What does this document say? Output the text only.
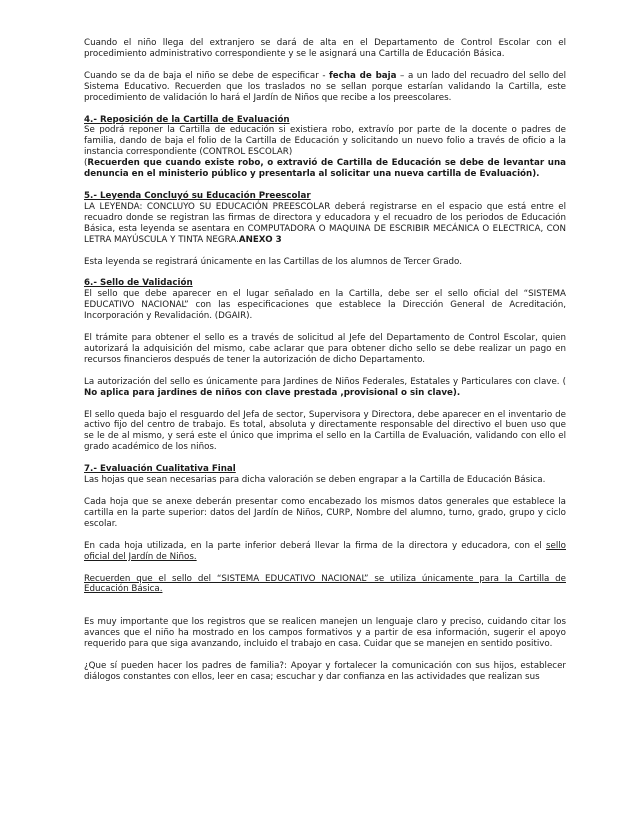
Cuando el niño llega del extranjero se dará de alta en el Departamento de Control Escolar con el procedimiento administrativo correspondiente y se le asignará una Cartilla de Educación Básica.

Cuando se da de baja el niño se debe de especificar - fecha de baja – a un lado del recuadro del sello del Sistema Educativo. Recuerden que los traslados no se sellan porque estarían validando la Cartilla, este procedimiento de validación lo hará el Jardín de Niños que recibe a los preescolares.

4.- Reposición de la Cartilla de Evaluación

Se podrá reponer la Cartilla de educación si existiera robo, extravío por parte de la docente o padres de familia, dando de baja el folio de la Cartilla de Educación y solicitando un nuevo folio a través de oficio a la instancia correspondiente (CONTROL ESCOLAR)

(Recuerden que cuando existe robo, o extravió de Cartilla de Educación se debe de levantar una denuncia en el ministerio público y presentarla al solicitar una nueva cartilla de Evaluación).

5.- Leyenda Concluyó su Educación Preescolar

LA LEYENDA: CONCLUYO SU EDUCACIÓN PREESCOLAR deberá registrarse en el espacio que está entre el recuadro donde se registran las firmas de directora y educadora y el recuadro de los periodos de Educación Básica, esta leyenda se asentara en COMPUTADORA O MAQUINA DE ESCRIBIR MECÁNICA O ELECTRICA, CON LETRA MAYÚSCULA Y TINTA NEGRA.ANEXO 3

Esta leyenda se registrará únicamente en las Cartillas de los alumnos de Tercer Grado.

6.- Sello de Validación

El sello que debe aparecer en el lugar señalado en la Cartilla, debe ser el sello oficial del “SISTEMA EDUCATIVO NACIONAL” con las especificaciones que establece la Dirección General de Acreditación, Incorporación y Revalidación. (DGAIR).

El trámite para obtener el sello es a través de solicitud al Jefe del Departamento de Control Escolar, quien autorizará la adquisición del mismo, cabe aclarar que para obtener dicho sello se debe realizar un pago en recursos financieros después de tener la autorización de dicho Departamento.

La autorización del sello es únicamente para Jardines de Niños Federales, Estatales y Particulares con clave. ( No aplica para jardines de niños con clave prestada ,provisional o sin clave).

El sello queda bajo el resguardo del Jefa de sector, Supervisora y Directora, debe aparecer en el inventario de activo fijo del centro de trabajo. Es total, absoluta y directamente responsable del directivo el buen uso que se le de al mismo, y será este el único que imprima el sello en la Cartilla de Evaluación, validando con ello el grado académico de los niños.

7.- Evaluación Cualitativa Final

Las hojas que sean necesarias para dicha valoración se deben engrapar a la Cartilla de Educación Básica.

Cada hoja que se anexe deberán presentar como encabezado los mismos datos generales que establece la cartilla en la parte superior: datos del Jardín de Niños, CURP, Nombre del alumno, turno, grado, grupo y ciclo escolar.

En cada hoja utilizada, en la parte inferior deberá llevar la firma de la directora y educadora, con el sello oficial del Jardín de Niños.

Recuerden que el sello del “SISTEMA EDUCATIVO NACIONAL” se utiliza únicamente para la Cartilla de Educación Básica.

Es muy importante que los registros que se realicen manejen un lenguaje claro y preciso, cuidando citar los avances que el niño ha mostrado en los campos formativos y a partir de esa información, sugerir el apoyo requerido para que siga avanzando, incluido el trabajo en casa. Cuidar que se manejen en sentido positivo.

¿Que sí pueden hacer los padres de familia?: Apoyar y fortalecer la comunicación con sus hijos, establecer diálogos constantes con ellos, leer en casa; escuchar y dar confianza en las actividades que realizan sus
